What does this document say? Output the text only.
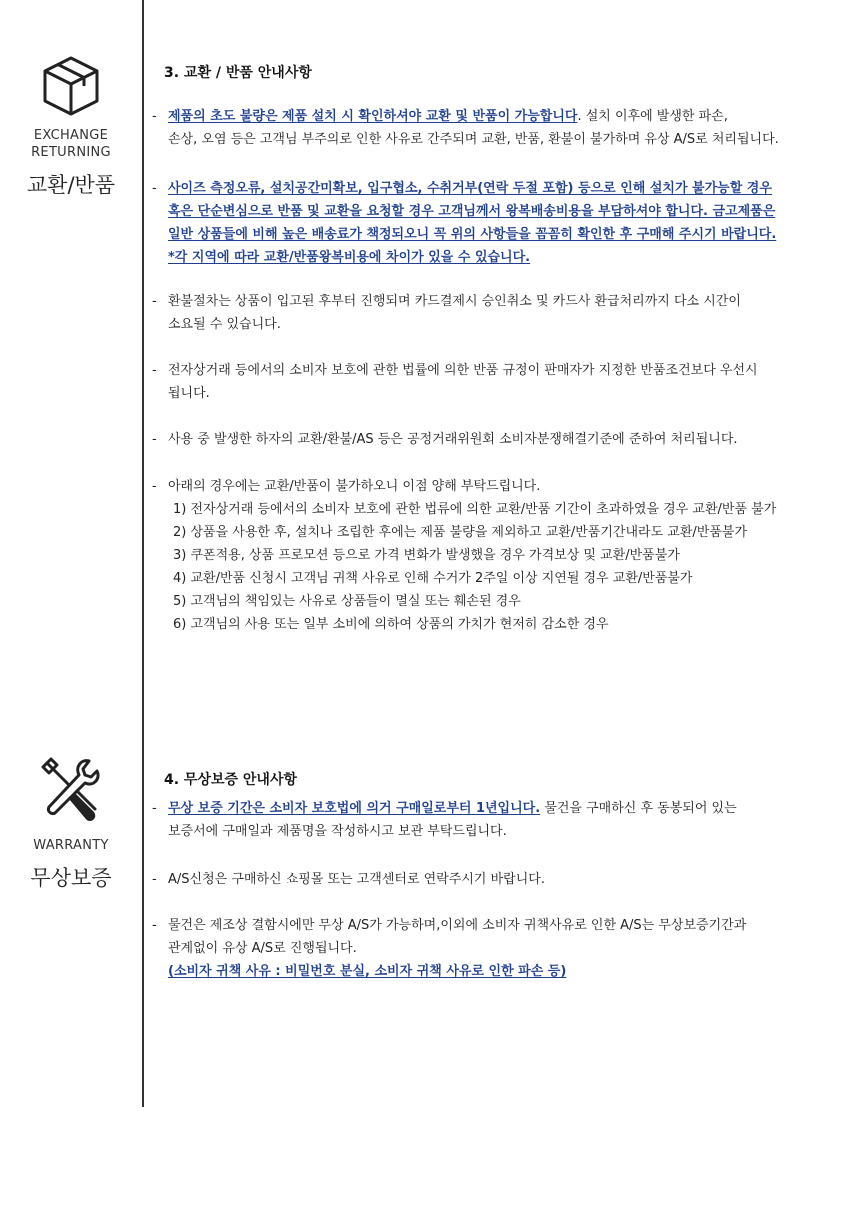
EXCHANGE
RETURNING
교환/반품
3. 교환 / 반품 안내사항
- 제품의 초도 불량은 제품 설치 시 확인하셔야 교환 및 반품이 가능합니다. 설치 이후에 발생한 파손,
손상, 오염 등은 고객님 부주의로 인한 사유로 간주되며 교환, 반품, 환불이 불가하며 유상 A/S로 처리됩니다.
- 사이즈 측정오류, 설치공간미확보, 입구협소, 수취거부(연락 두절 포함) 등으로 인해 설치가 불가능할 경우
혹은 단순변심으로 반품 및 교환을 요청할 경우 고객님께서 왕복배송비용을 부담하셔야 합니다. 금고제품은
일반 상품들에 비해 높은 배송료가 책정되오니 꼭 위의 사항들을 꼼꼼히 확인한 후 구매해 주시기 바랍니다.
*각 지역에 따라 교환/반품왕복비용에 차이가 있을 수 있습니다.
- 환불절차는 상품이 입고된 후부터 진행되며 카드결제시 승인취소 및 카드사 환급처리까지 다소 시간이
소요될 수 있습니다.
- 전자상거래 등에서의 소비자 보호에 관한 법률에 의한 반품 규정이 판매자가 지정한 반품조건보다 우선시
됩니다.
- 사용 중 발생한 하자의 교환/환불/AS 등은 공정거래위원회 소비자분쟁해결기준에 준하여 처리됩니다.
- 아래의 경우에는 교환/반품이 불가하오니 이점 양해 부탁드립니다.
1) 전자상거래 등에서의 소비자 보호에 관한 법류에 의한 교환/반품 기간이 초과하였을 경우 교환/반품 불가
2) 상품을 사용한 후, 설치나 조립한 후에는 제품 불량을 제외하고 교환/반품기간내라도 교환/반품불가
3) 쿠폰적용, 상품 프로모션 등으로 가격 변화가 발생했을 경우 가격보상 및 교환/반품불가
4) 교환/반품 신청시 고객님 귀책 사유로 인해 수거가 2주일 이상 지연될 경우 교환/반품불가
5) 고객님의 책임있는 사유로 상품들이 멸실 또는 훼손된 경우
6) 고객님의 사용 또는 일부 소비에 의하여 상품의 가치가 현저히 감소한 경우
WARRANTY
무상보증
4. 무상보증 안내사항
- 무상 보증 기간은 소비자 보호법에 의거 구매일로부터 1년입니다. 물건을 구매하신 후 동봉되어 있는
보증서에 구매일과 제품명을 작성하시고 보관 부탁드립니다.
- A/S신청은 구매하신 쇼핑몰 또는 고객센터로 연락주시기 바랍니다.
- 물건은 제조상 결함시에만 무상 A/S가 가능하며,이외에 소비자 귀책사유로 인한 A/S는 무상보증기간과
관계없이 유상 A/S로 진행됩니다.
(소비자 귀책 사유 : 비밀번호 분실, 소비자 귀책 사유로 인한 파손 등)
